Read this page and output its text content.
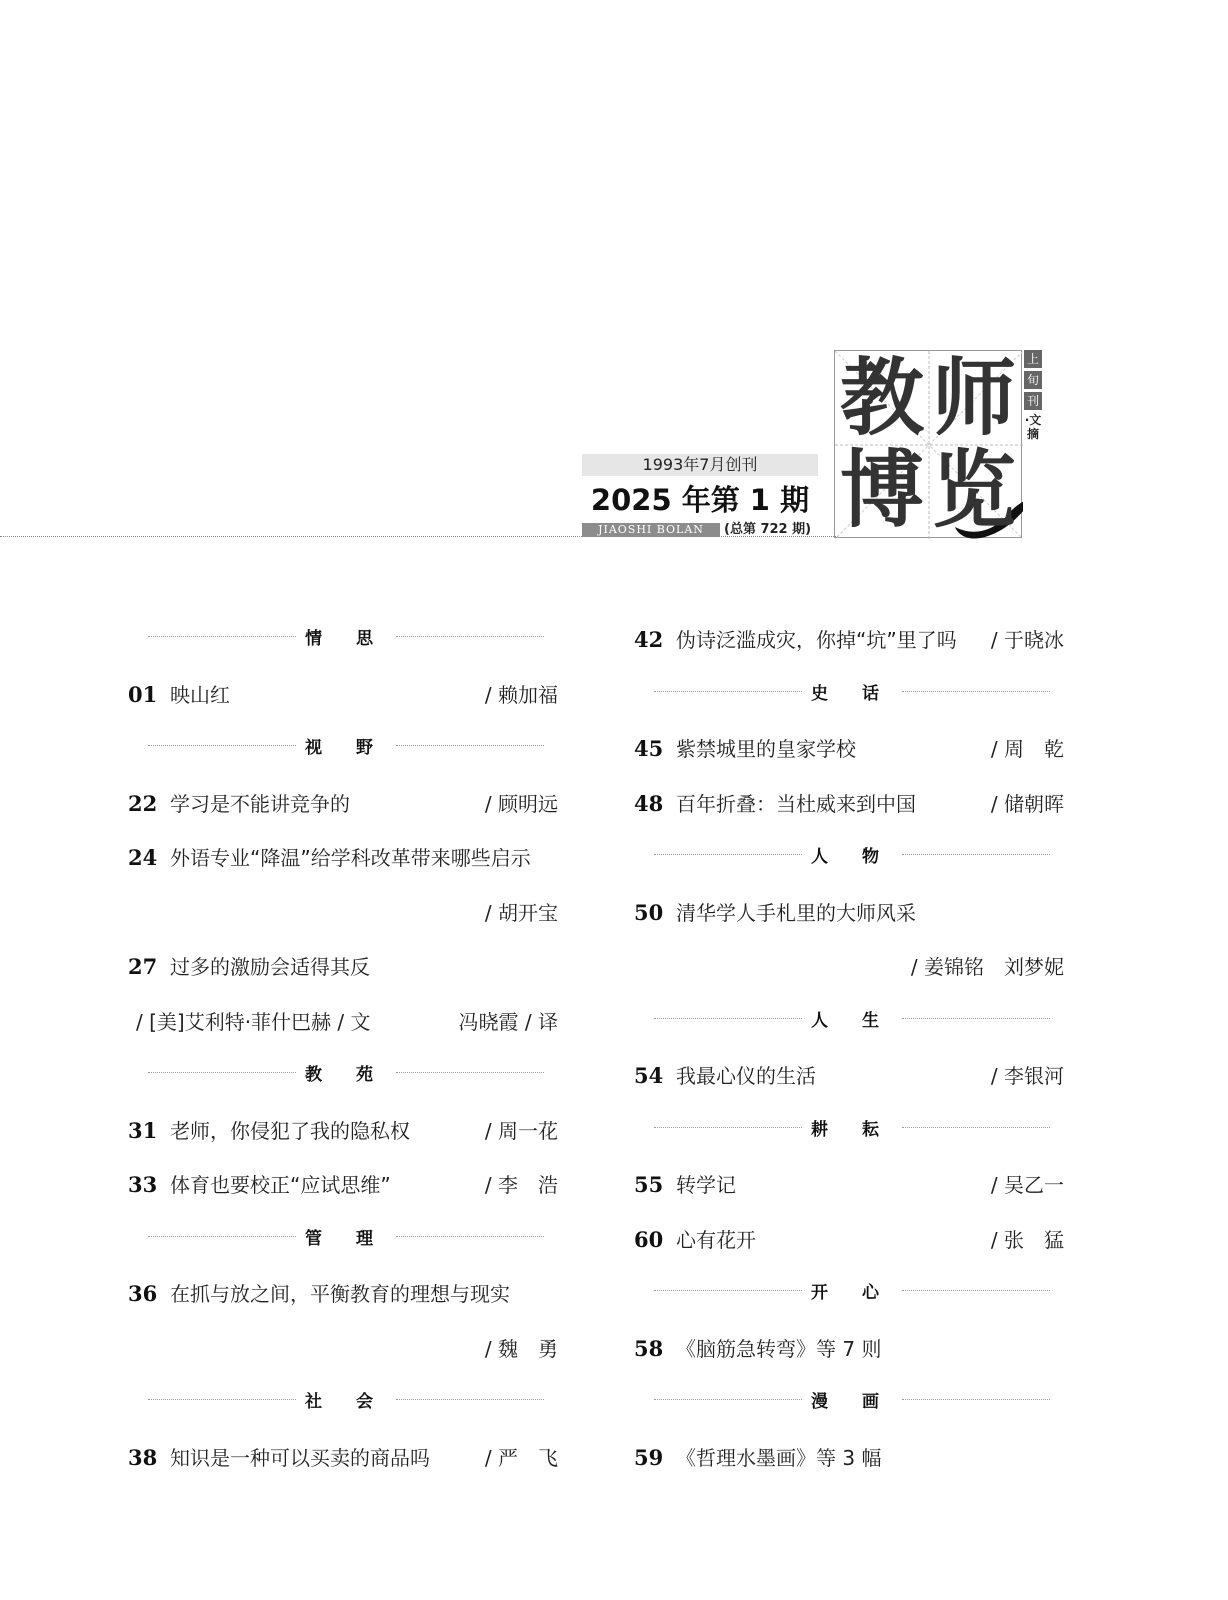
1993年7月创刊
2025 年第 1 期
JIAOSHI BOLAN	(总第 722 期)
教 师
博 览
上
旬
刊
·文摘
情 思
01 映山红	/ 赖加福
视 野
22 学习是不能讲竞争的	/ 顾明远
24 外语专业“降温”给学科改革带来哪些启示
/ 胡开宝
27 过多的激励会适得其反
/ [美]艾利特·菲什巴赫 / 文	冯晓霞 / 译
教 苑
31 老师，你侵犯了我的隐私权	/ 周一花
33 体育也要校正“应试思维”	/ 李　浩
管 理
36 在抓与放之间，平衡教育的理想与现实
/ 魏　勇
社 会
38 知识是一种可以买卖的商品吗	/ 严　飞
42 伪诗泛滥成灾，你掉“坑”里了吗 / 于晓冰
史 话
45 紫禁城里的皇家学校	/ 周　乾
48 百年折叠：当杜威来到中国	/ 储朝晖
人 物
50 清华学人手札里的大师风采
/ 姜锦铭　刘梦妮
人 生
54 我最心仪的生活	/ 李银河
耕 耘
55 转学记	/ 吴乙一
60 心有花开	/ 张　猛
开 心
58 《脑筋急转弯》等 7 则
漫 画
59 《哲理水墨画》等 3 幅
